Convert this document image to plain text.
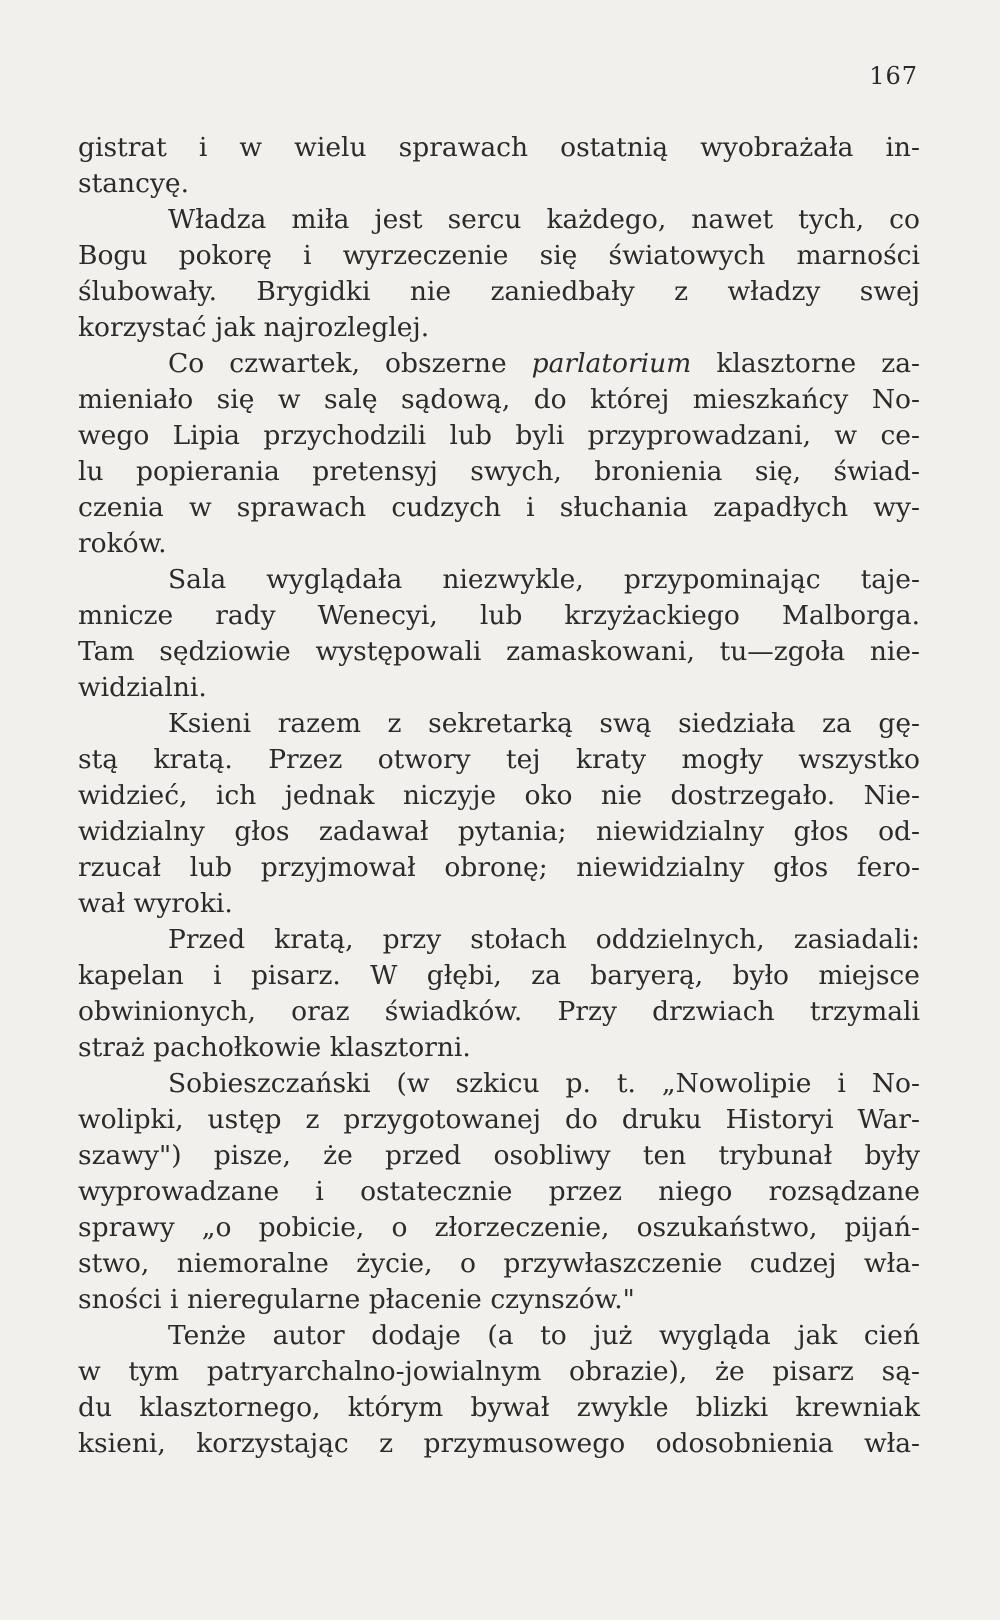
167
gistrat i w wielu sprawach ostatnią wyobrażała in-
stancyę.
Władza miła jest sercu każdego, nawet tych, co
Bogu pokorę i wyrzeczenie się światowych marności
ślubowały. Brygidki nie zaniedbały z władzy swej
korzystać jak najrozleglej.
Co czwartek, obszerne parlatorium klasztorne za-
mieniało się w salę sądową, do której mieszkańcy No-
wego Lipia przychodzili lub byli przyprowadzani, w ce-
lu popierania pretensyj swych, bronienia się, świad-
czenia w sprawach cudzych i słuchania zapadłych wy-
roków.
Sala wyglądała niezwykle, przypominając taje-
mnicze rady Wenecyi, lub krzyżackiego Malborga.
Tam sędziowie występowali zamaskowani, tu—zgoła nie-
widzialni.
Ksieni razem z sekretarką swą siedziała za gę-
stą kratą. Przez otwory tej kraty mogły wszystko
widzieć, ich jednak niczyje oko nie dostrzegało. Nie-
widzialny głos zadawał pytania; niewidzialny głos od-
rzucał lub przyjmował obronę; niewidzialny głos fero-
wał wyroki.
Przed kratą, przy stołach oddzielnych, zasiadali:
kapelan i pisarz. W głębi, za baryerą, było miejsce
obwinionych, oraz świadków. Przy drzwiach trzymali
straż pachołkowie klasztorni.
Sobieszczański (w szkicu p. t. „Nowolipie i No-
wolipki, ustęp z przygotowanej do druku Historyi War-
szawy") pisze, że przed osobliwy ten trybunał były
wyprowadzane i ostatecznie przez niego rozsądzane
sprawy „o pobicie, o złorzeczenie, oszukaństwo, pijań-
stwo, niemoralne życie, o przywłaszczenie cudzej wła-
sności i nieregularne płacenie czynszów."
Tenże autor dodaje (a to już wygląda jak cień
w tym patryarchalno-jowialnym obrazie), że pisarz są-
du klasztornego, którym bywał zwykle blizki krewniak
ksieni, korzystając z przymusowego odosobnienia wła-
